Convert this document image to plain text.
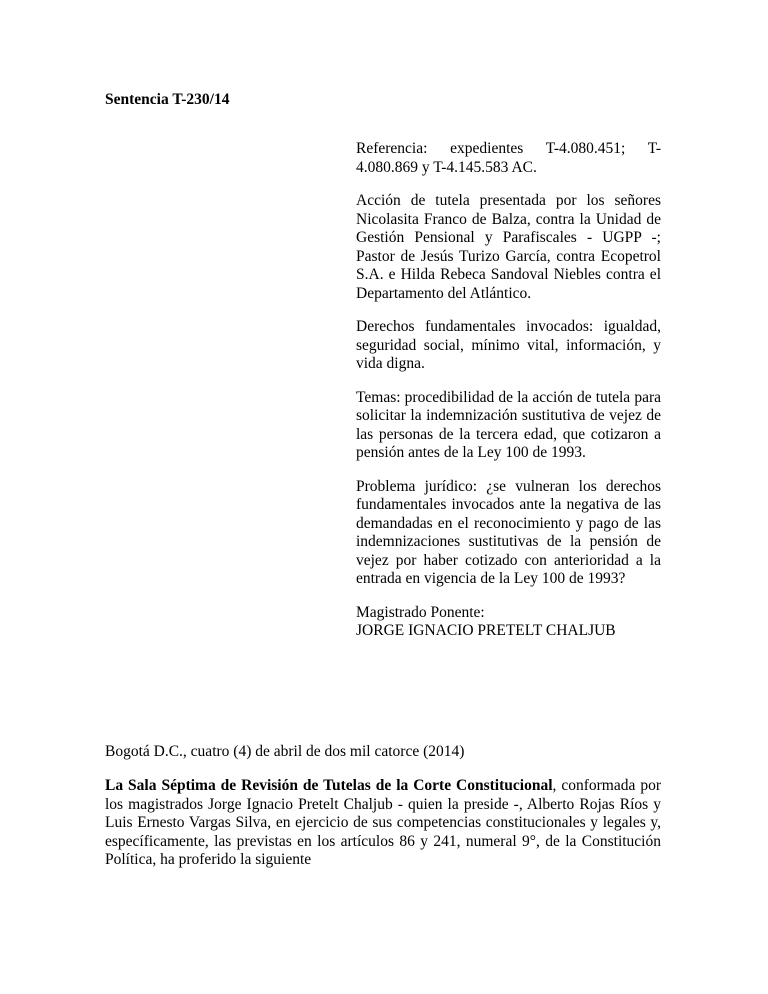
Sentencia T-230/14

Referencia: expedientes T-4.080.451; T-4.080.869 y T-4.145.583 AC.

Acción de tutela presentada por los señores Nicolasita Franco de Balza, contra la Unidad de Gestión Pensional y Parafiscales - UGPP -; Pastor de Jesús Turizo García, contra Ecopetrol S.A. e Hilda Rebeca Sandoval Niebles contra el Departamento del Atlántico.

Derechos fundamentales invocados: igualdad, seguridad social, mínimo vital, información, y vida digna.

Temas: procedibilidad de la acción de tutela para solicitar la indemnización sustitutiva de vejez de las personas de la tercera edad, que cotizaron a pensión antes de la Ley 100 de 1993.

Problema jurídico: ¿se vulneran los derechos fundamentales invocados ante la negativa de las demandadas en el reconocimiento y pago de las indemnizaciones sustitutivas de la pensión de vejez por haber cotizado con anterioridad a la entrada en vigencia de la Ley 100 de 1993?

Magistrado Ponente:
JORGE IGNACIO PRETELT CHALJUB

Bogotá D.C., cuatro (4) de abril de dos mil catorce (2014)
La Sala Séptima de Revisión de Tutelas de la Corte Constitucional, conformada por los magistrados Jorge Ignacio Pretelt Chaljub - quien la preside -, Alberto Rojas Ríos y Luis Ernesto Vargas Silva, en ejercicio de sus competencias constitucionales y legales y, específicamente, las previstas en los artículos 86 y 241, numeral 9°, de la Constitución Política, ha proferido la siguiente
